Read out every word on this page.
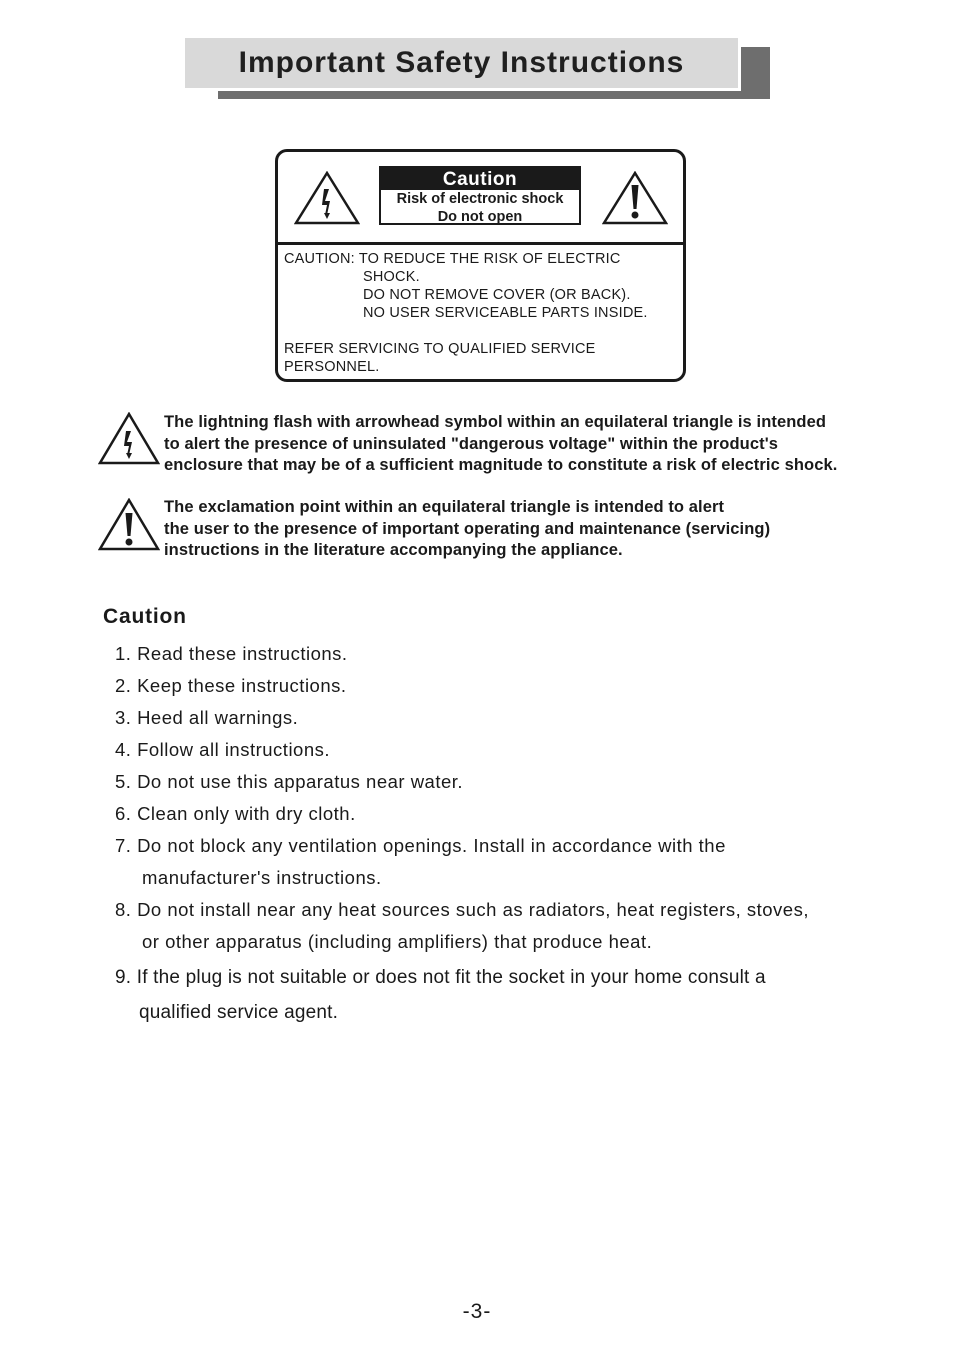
Important Safety Instructions
Caution
Risk of electronic shock
Do not open
CAUTION: TO REDUCE THE RISK OF ELECTRIC
SHOCK.
DO NOT REMOVE COVER (OR BACK).
NO USER SERVICEABLE PARTS INSIDE.
REFER SERVICING TO QUALIFIED SERVICE
PERSONNEL.
The lightning flash with arrowhead symbol within an equilateral triangle is intended
to alert the presence of uninsulated "dangerous voltage" within the product's
enclosure that may be of a sufficient magnitude to constitute a risk of electric shock.
The exclamation point within an equilateral triangle is intended to alert
the user to the presence of important operating and maintenance (servicing)
instructions in the literature accompanying the appliance.
Caution
1. Read these instructions.
2. Keep these instructions.
3. Heed all warnings.
4. Follow all instructions.
5. Do not use this apparatus near water.
6. Clean only with dry cloth.
7. Do not block any ventilation openings. Install in accordance with the
manufacturer's instructions.
8. Do not install near any heat sources such as radiators, heat registers, stoves,
or other apparatus (including amplifiers) that produce heat.
9. If the plug is not suitable or does not fit the socket in your home consult a
qualified service agent.
-3-
